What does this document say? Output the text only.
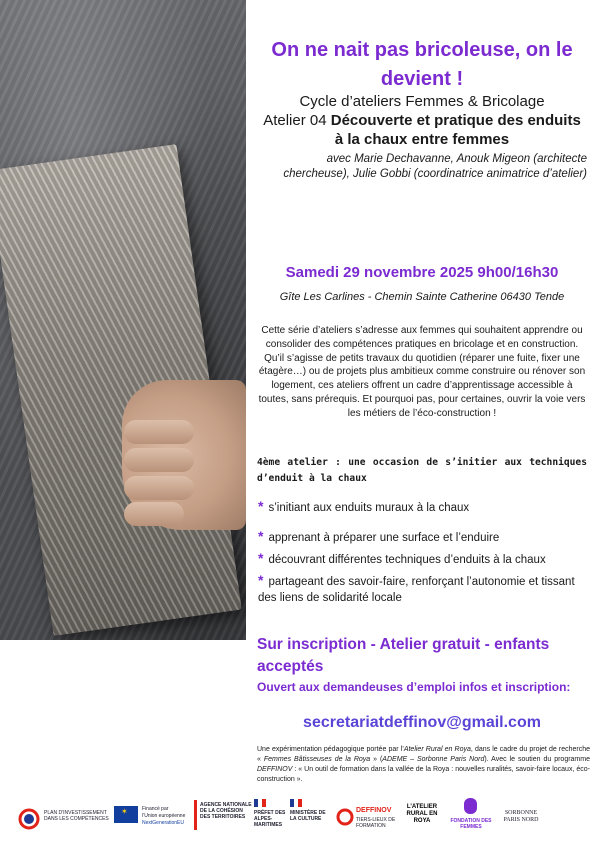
On ne nait pas bricoleuse, on le devient !
Cycle d’ateliers Femmes & Bricolage
Atelier 04 Découverte et pratique des enduits à la chaux entre femmes
avec Marie Dechavanne, Anouk Migeon (architecte chercheuse), Julie Gobbi (coordinatrice animatrice d’atelier)
Samedi 29 novembre 2025 9h00/16h30
Gîte Les Carlines - Chemin Sainte Catherine 06430 Tende
Cette série d’ateliers s’adresse aux femmes qui souhaitent apprendre ou consolider des compétences pratiques en bricolage et en construction. Qu’il s’agisse de petits travaux du quotidien (réparer une fuite, fixer une étagère…) ou de projets plus ambitieux comme construire ou rénover son logement, ces ateliers offrent un cadre d’apprentissage accessible à toutes, sans prérequis. Et pourquoi pas, pour certaines, ouvrir la voie vers les métiers de l’éco-construction !
4ème atelier : une occasion de s’initier aux techniques d’enduit à la chaux
* s’initiant aux enduits muraux à la chaux
* apprenant à préparer une surface et l’enduire
* découvrant différentes techniques d’enduits à la chaux
* partageant des savoir-faire, renforçant l’autonomie et tissant des liens de solidarité locale
Sur inscription - Atelier gratuit - enfants acceptés
Ouvert aux demandeuses d’emploi infos et inscription:
secretariatdeffinov@gmail.com
Une expérimentation pédagogique portée par l’Atelier Rural en Roya, dans le cadre du projet de recherche « Femmes Bâtisseuses de la Roya » (ADEME – Sorbonne Paris Nord). Avec le soutien du programme DEFFINOV : « Un outil de formation dans la vallée de la Roya : nouvelles ruralités, savoir-faire locaux, éco-construction ».
PLAN D’INVESTISSEMENT DANS LES COMPÉTENCES
✶	Financé par
l’Union européenne
NextGenerationEU
AGENCE NATIONALE DE LA COHÉSION DES TERRITOIRES
PRÉFET DES ALPES-MARITIMES
MINISTÈRE DE LA CULTURE
DEFFINOV
TIERS-LIEUX DE FORMATION
L’ATELIER RURAL EN ROYA	FONDATION DES FEMMES
SORBONNE PARIS NORD
